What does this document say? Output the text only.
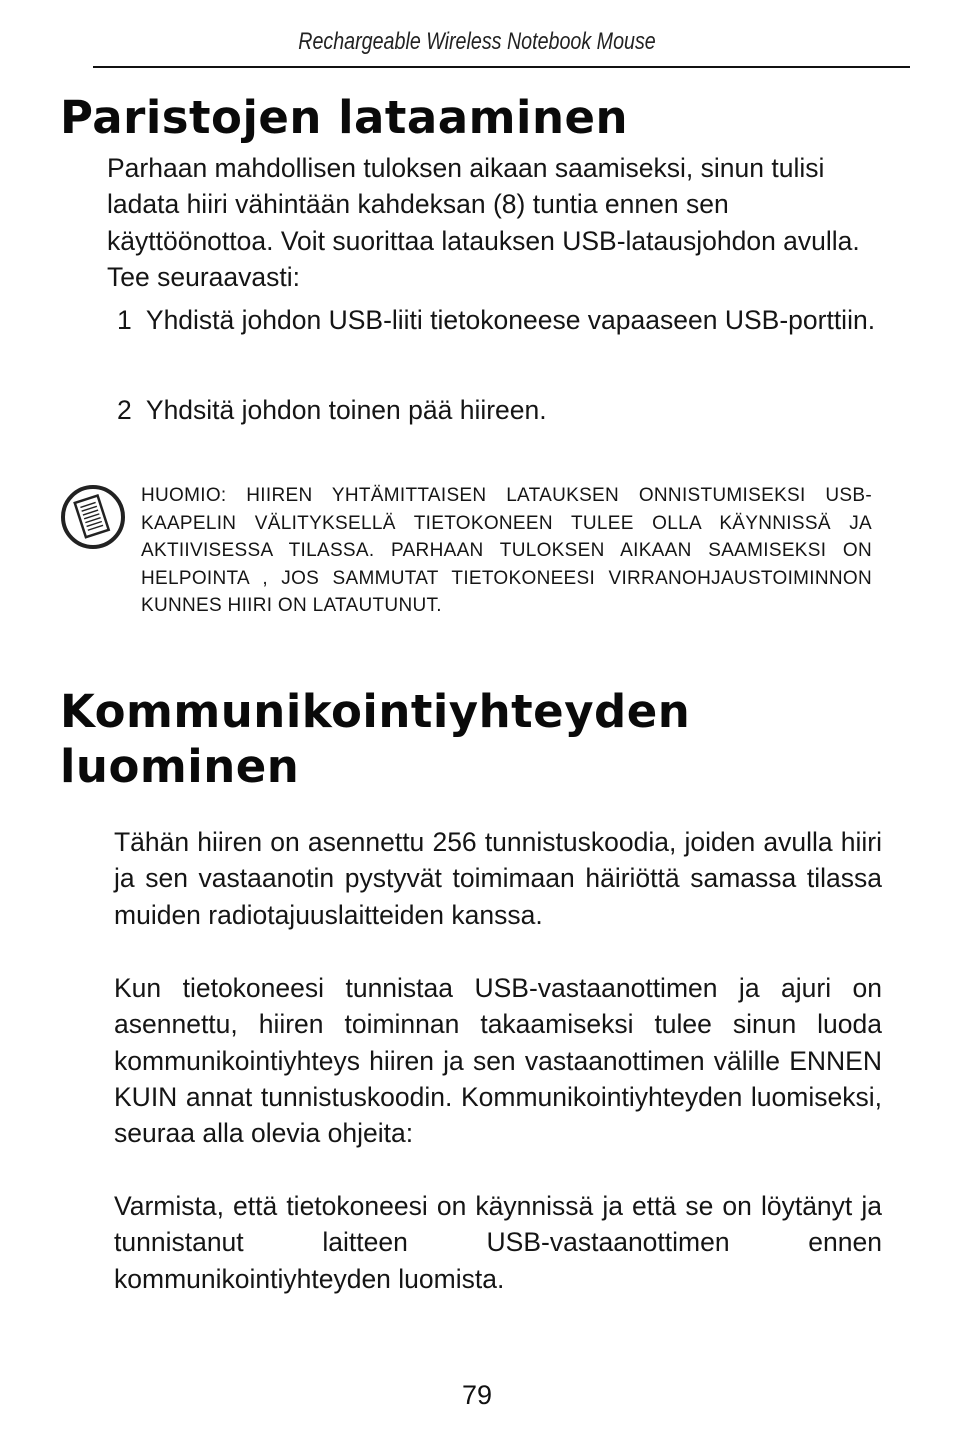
Rechargeable Wireless Notebook Mouse
Paristojen lataaminen
Parhaan mahdollisen tuloksen aikaan saamiseksi, sinun tulisi ladata hiiri vähintään kahdeksan (8) tuntia ennen sen käyttöönottoa. Voit suorittaa latauksen USB-latausjohdon avulla. Tee seuraavasti:
1 Yhdistä johdon USB-liiti tietokoneese vapaaseen USB-porttiin.
2 Yhdsitä johdon toinen pää hiireen.
HUOMIO: HIIREN YHTÄMITTAISEN LATAUKSEN ONNISTUMISEKSI USB-KAAPELIN VÄLITYKSELLÄ TIETOKONEEN TULEE OLLA KÄYNNISSÄ JA AKTIIVISESSA TILASSA. PARHAAN TULOKSEN AIKAAN SAAMISEKSI ON HELPOINTA , JOS SAMMUTAT TIETOKONEESI VIRRANOHJAUSTOIMINNON KUNNES HIIRI ON LATAUTUNUT.
Kommunikointiyhteyden luominen
Tähän hiiren on asennettu 256 tunnistuskoodia, joiden avulla hiiri ja sen vastaanotin pystyvät toimimaan häiriöttä samassa tilassa muiden radiotajuuslaitteiden kanssa.
Kun tietokoneesi tunnistaa USB-vastaanottimen ja ajuri on asennettu, hiiren toiminnan takaamiseksi tulee sinun luoda kommunikointiyhteys hiiren ja sen vastaanottimen välille ENNEN KUIN annat tunnistuskoodin. Kommunikointiyhteyden luomiseksi, seuraa alla olevia ohjeita:
Varmista, että tietokoneesi on käynnissä ja että se on löytänyt ja tunnistanut laitteen USB-vastaanottimen ennen kommunikointiyhteyden luomista.
79
